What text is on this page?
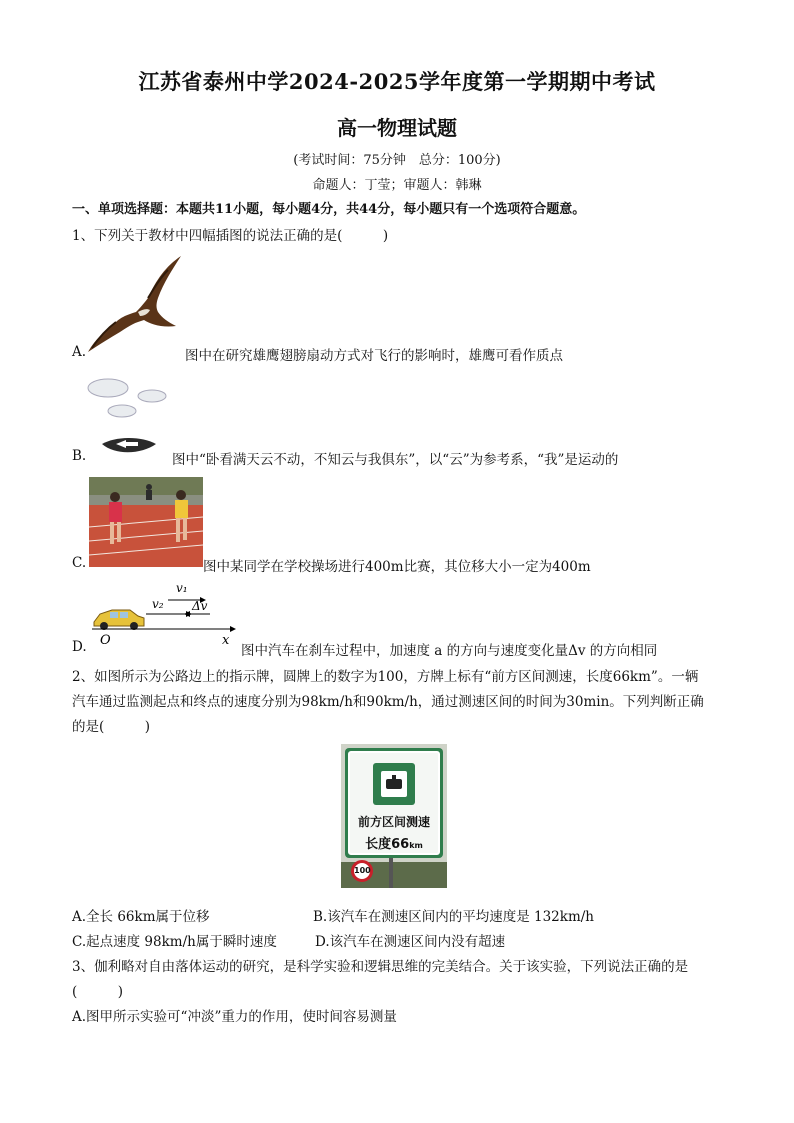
江苏省泰州中学2024-2025学年度第一学期期中考试
高一物理试题
(考试时间：75分钟　总分：100分)
命题人：丁莹；审题人：韩琳
一、单项选择题：本题共11小题，每小题4分，共44分，每小题只有一个选项符合题意。
1、下列关于教材中四幅插图的说法正确的是(　　　)
A.	图中在研究雄鹰翅膀扇动方式对飞行的影响时，雄鹰可看作质点
B.	图中“卧看满天云不动，不知云与我俱东”，以“云”为参考系，“我”是运动的
C.	图中某同学在学校操场进行400m比赛，其位移大小一定为400m
v₁
v₂ Δv
O	x
D.	图中汽车在刹车过程中，加速度 a 的方向与速度变化量Δv 的方向相同
2、如图所示为公路边上的指示牌，圆牌上的数字为100，方牌上标有“前方区间测速，长度66km”。一辆
汽车通过监测起点和终点的速度分别为98km/h和90km/h，通过测速区间的时间为30min。下列判断正确
的是(　　　)
前方区间测速
长度66km
100
A.全长 66km属于位移	B.该汽车在测速区间内的平均速度是 132km/h
C.起点速度 98km/h属于瞬时速度	D.该汽车在测速区间内没有超速
3、伽利略对自由落体运动的研究，是科学实验和逻辑思维的完美结合。关于该实验，下列说法正确的是
(　　　)
A.图甲所示实验可“冲淡”重力的作用，使时间容易测量
